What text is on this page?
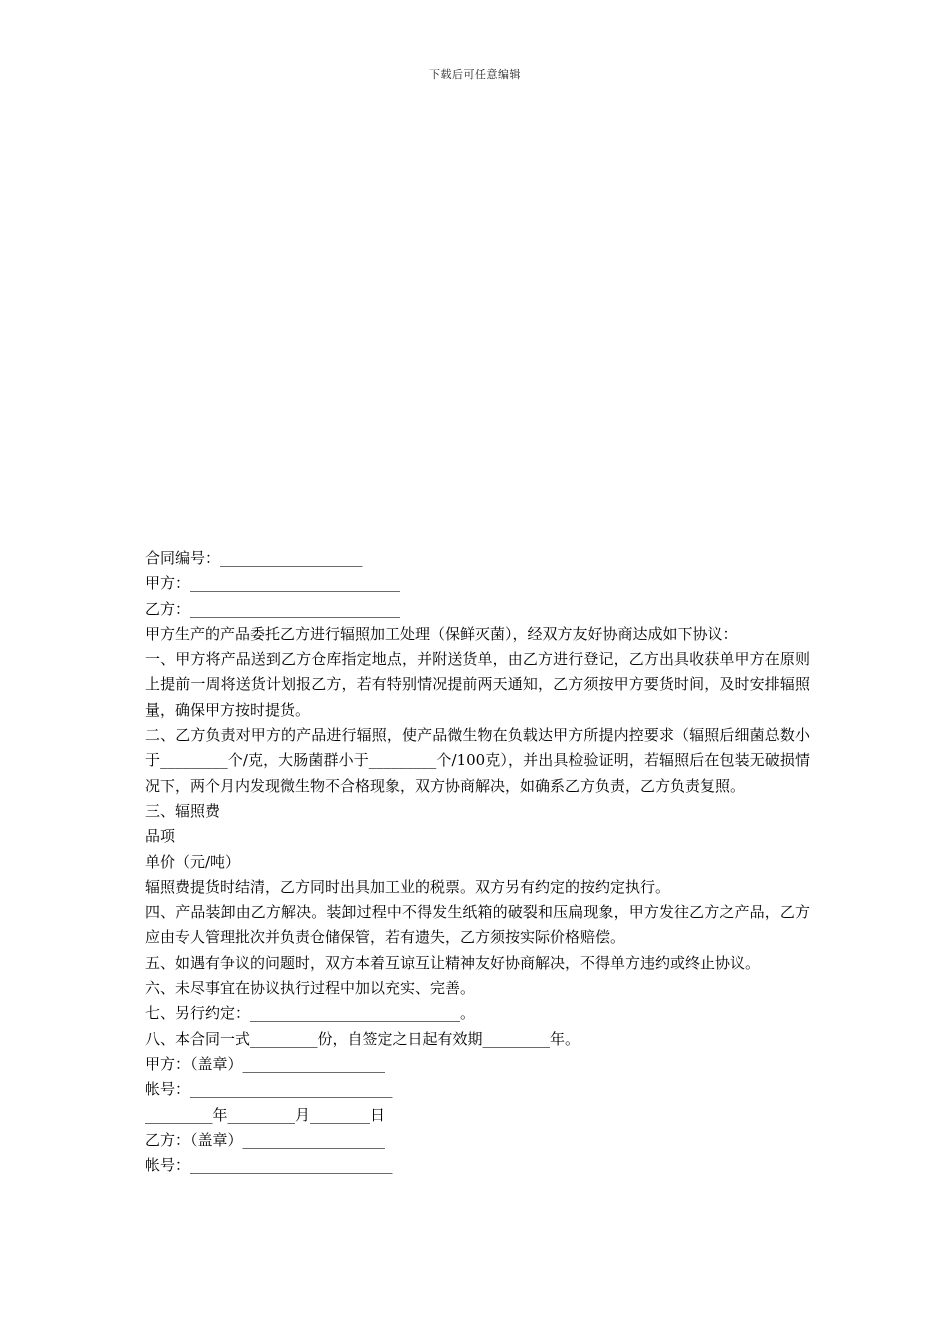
下载后可任意编辑
合同编号：___________________
甲方：____________________________
乙方：____________________________
甲方生产的产品委托乙方进行辐照加工处理（保鲜灭菌），经双方友好协商达成如下协议：
一、甲方将产品送到乙方仓库指定地点，并附送货单，由乙方进行登记，乙方出具收获单甲方在原则上提前一周将送货计划报乙方，若有特别情况提前两天通知，乙方须按甲方要货时间，及时安排辐照量，确保甲方按时提货。
二、乙方负责对甲方的产品进行辐照，使产品微生物在负载达甲方所提内控要求（辐照后细菌总数小于_________个/克，大肠菌群小于_________个/100克），并出具检验证明，若辐照后在包装无破损情况下，两个月内发现微生物不合格现象，双方协商解决，如确系乙方负责，乙方负责复照。
三、辐照费
品项
单价（元/吨）
辐照费提货时结清，乙方同时出具加工业的税票。双方另有约定的按约定执行。
四、产品装卸由乙方解决。装卸过程中不得发生纸箱的破裂和压扁现象，甲方发往乙方之产品，乙方应由专人管理批次并负责仓储保管，若有遗失，乙方须按实际价格赔偿。
五、如遇有争议的问题时，双方本着互谅互让精神友好协商解决，不得单方违约或终止协议。
六、未尽事宜在协议执行过程中加以充实、完善。
七、另行约定：____________________________。
八、本合同一式_________份，自签定之日起有效期_________年。
甲方：（盖章）___________________
帐号：___________________________
_________年_________月________日
乙方：（盖章）___________________
帐号：___________________________
